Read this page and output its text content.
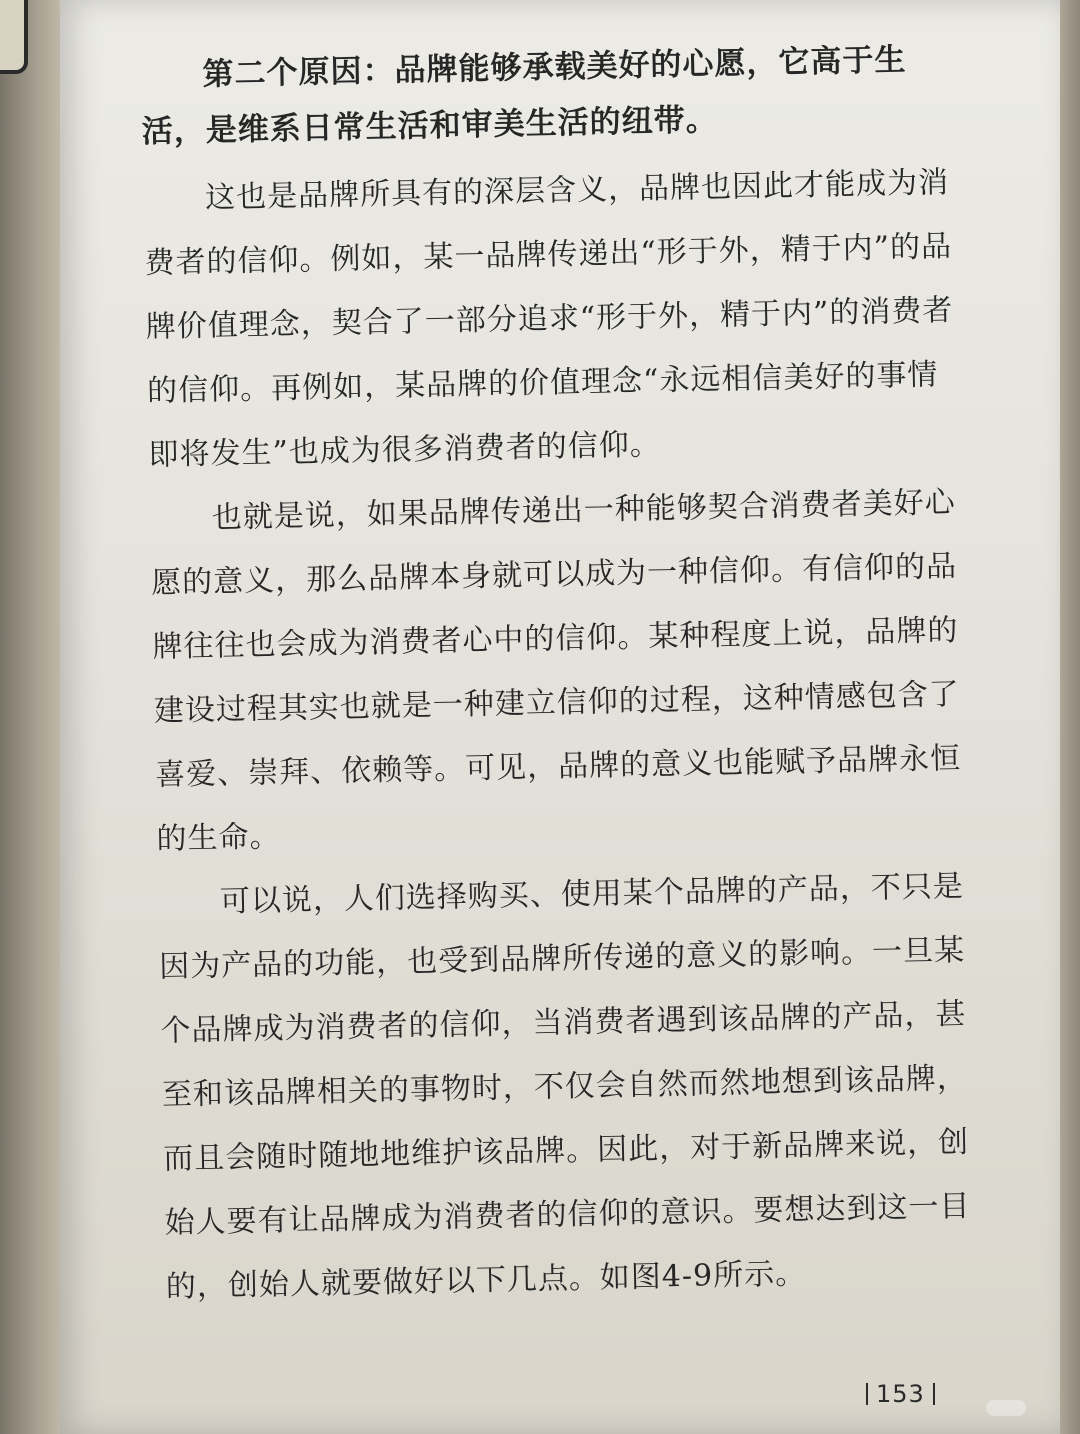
第二个原因：品牌能够承载美好的心愿，它高于生活，是维系日常生活和审美生活的纽带。

这也是品牌所具有的深层含义，品牌也因此才能成为消费者的信仰。例如，某一品牌传递出“形于外，精于内”的品牌价值理念，契合了一部分追求“形于外，精于内”的消费者的信仰。再例如，某品牌的价值理念“永远相信美好的事情即将发生”也成为很多消费者的信仰。

也就是说，如果品牌传递出一种能够契合消费者美好心愿的意义，那么品牌本身就可以成为一种信仰。有信仰的品牌往往也会成为消费者心中的信仰。某种程度上说，品牌的建设过程其实也就是一种建立信仰的过程，这种情感包含了喜爱、崇拜、依赖等。可见，品牌的意义也能赋予品牌永恒的生命。

可以说，人们选择购买、使用某个品牌的产品，不只是因为产品的功能，也受到品牌所传递的意义的影响。一旦某个品牌成为消费者的信仰，当消费者遇到该品牌的产品，甚至和该品牌相关的事物时，不仅会自然而然地想到该品牌，而且会随时随地地维护该品牌。因此，对于新品牌来说，创始人要有让品牌成为消费者的信仰的意识。要想达到这一目的，创始人就要做好以下几点。如图4-9所示。

153
